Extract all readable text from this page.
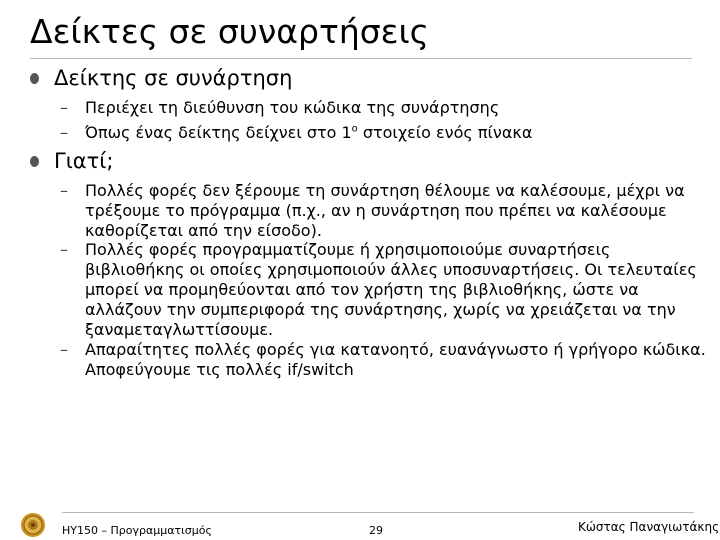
Δείκτες σε συναρτήσεις
Δείκτης σε συνάρτηση
– Περιέχει τη διεύθυνση του κώδικα της συνάρτησης
– Όπως ένας δείκτης δείχνει στο $1^o$ στοιχείο ενός πίνακα
Γιατί;
– Πολλές φορές δεν ξέρουμε τη συνάρτηση θέλουμε να καλέσουμε, μέχρι να τρέξουμε το πρόγραμμα (π.χ., αν η συνάρτηση που πρέπει να καλέσουμε καθορίζεται από την είσοδο).
– Πολλές φορές προγραμματίζουμε ή χρησιμοποιούμε συναρτήσεις βιβλιοθήκης οι οποίες χρησιμοποιούν άλλες υποσυναρτήσεις. Οι τελευταίες μπορεί να προμηθεύονται από τον χρήστη της βιβλιοθήκης, ώστε να αλλάζουν την συμπεριφορά της συνάρτησης, χωρίς να χρειάζεται να την ξαναμεταγλωττίσουμε.
– Απαραίτητες πολλές φορές για κατανοητό, ευανάγνωστο ή γρήγορο κώδικα. Αποφεύγουμε τις πολλές if/switch
ΗΥ150 – Προγραμματισμός	29	Κώστας Παναγιωτάκης
